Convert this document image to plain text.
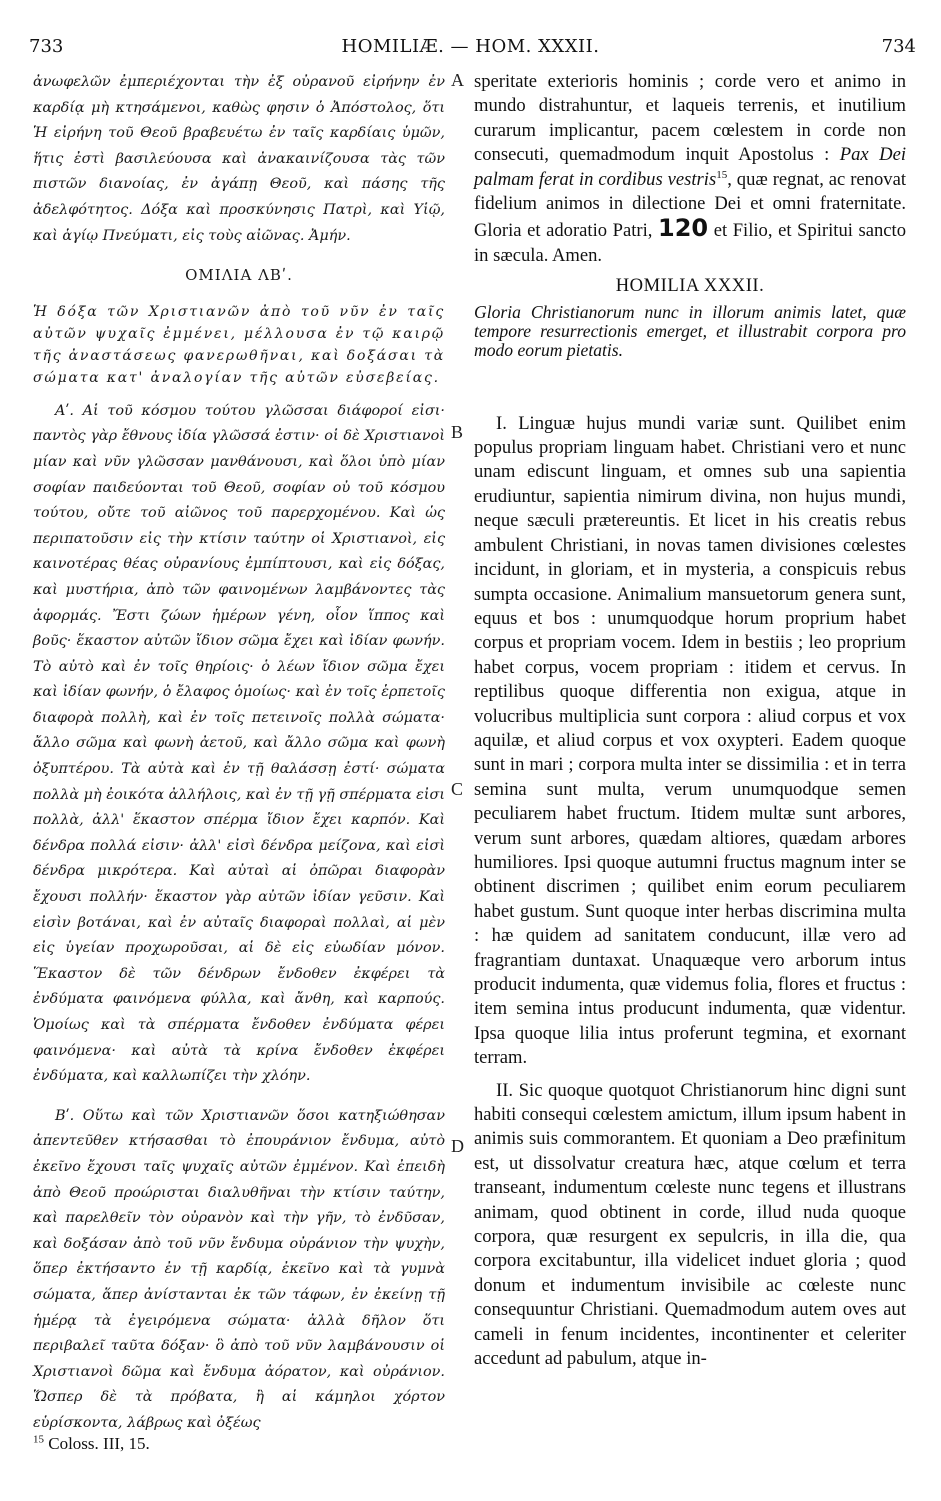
733	HOMILIÆ. — HOM. XXXII.	734

ἀνωφελῶν ἐμπεριέχονται τὴν ἐξ οὐρανοῦ εἰρήνην ἐν καρδίᾳ μὴ κτησάμενοι, καθὼς φησιν ὁ Ἀπόστολος, ὅτι Ἡ εἰρήνη τοῦ Θεοῦ βραβευέτω ἐν ταῖς καρδίαις ὑμῶν, ἥτις ἐστὶ βασιλεύουσα καὶ ἀνακαινίζουσα τὰς τῶν πιστῶν διανοίας, ἐν ἀγάπῃ Θεοῦ, καὶ πάσης τῆς ἀδελφότητος. Δόξα καὶ προσκύνησις Πατρὶ, καὶ Υἱῷ, καὶ ἁγίῳ Πνεύματι, εἰς τοὺς αἰῶνας. Ἀμήν.

ΟΜΙΛΙΑ ΛΒʹ.

Ἡ δόξα τῶν Χριστιανῶν ἀπὸ τοῦ νῦν ἐν ταῖς αὐτῶν ψυχαῖς ἐμμένει, μέλλουσα ἐν τῷ καιρῷ τῆς ἀναστάσεως φανερωθῆναι, καὶ δοξάσαι τὰ σώματα κατ' ἀναλογίαν τῆς αὐτῶν εὐσεβείας.

Αʹ. Αἱ τοῦ κόσμου τούτου γλῶσσαι διάφοροί εἰσι· παντὸς γὰρ ἔθνους ἰδία γλῶσσά ἐστιν· οἱ δὲ Χριστιανοὶ μίαν καὶ νῦν γλῶσσαν μανθάνουσι, καὶ ὅλοι ὑπὸ μίαν σοφίαν παιδεύονται τοῦ Θεοῦ, σοφίαν οὐ τοῦ κόσμου τούτου, οὔτε τοῦ αἰῶνος τοῦ παρερχομένου. Καὶ ὡς περιπατοῦσιν εἰς τὴν κτίσιν ταύτην οἱ Χριστιανοὶ, εἰς καινοτέρας θέας οὐρανίους ἐμπίπτουσι, καὶ εἰς δόξας, καὶ μυστήρια, ἀπὸ τῶν φαινομένων λαμβάνοντες τὰς ἀφορμάς. Ἔστι ζώων ἡμέρων γένη, οἷον ἵππος καὶ βοῦς· ἕκαστον αὐτῶν ἴδιον σῶμα ἔχει καὶ ἰδίαν φωνήν. Τὸ αὐτὸ καὶ ἐν τοῖς θηρίοις· ὁ λέων ἴδιον σῶμα ἔχει καὶ ἰδίαν φωνήν, ὁ ἔλαφος ὁμοίως· καὶ ἐν τοῖς ἑρπετοῖς διαφορὰ πολλὴ, καὶ ἐν τοῖς πετεινοῖς πολλὰ σώματα· ἄλλο σῶμα καὶ φωνὴ ἀετοῦ, καὶ ἄλλο σῶμα καὶ φωνὴ ὀξυπτέρου. Τὰ αὐτὰ καὶ ἐν τῇ θαλάσσῃ ἐστί· σώματα πολλὰ μὴ ἐοικότα ἀλλήλοις, καὶ ἐν τῇ γῇ σπέρματα εἰσι πολλὰ, ἀλλ' ἕκαστον σπέρμα ἴδιον ἔχει καρπόν. Καὶ δένδρα πολλά εἰσιν· ἀλλ' εἰσὶ δένδρα μείζονα, καὶ εἰσὶ δένδρα μικρότερα. Καὶ αὐταὶ αἱ ὀπῶραι διαφορὰν ἔχουσι πολλήν· ἕκαστον γὰρ αὐτῶν ἰδίαν γεῦσιν. Καὶ εἰσὶν βοτάναι, καὶ ἐν αὐταῖς διαφοραὶ πολλαὶ, αἱ μὲν εἰς ὑγείαν προχωροῦσαι, αἱ δὲ εἰς εὐωδίαν μόνον. Ἕκαστον δὲ τῶν δένδρων ἔνδοθεν ἐκφέρει τὰ ἐνδύματα φαινόμενα φύλλα, καὶ ἄνθη, καὶ καρπούς. Ὁμοίως καὶ τὰ σπέρματα ἔνδοθεν ἐνδύματα φέρει φαινόμενα· καὶ αὐτὰ τὰ κρίνα ἔνδοθεν ἐκφέρει ἐνδύματα, καὶ καλλωπίζει τὴν χλόην.

Βʹ. Οὕτω καὶ τῶν Χριστιανῶν ὅσοι κατηξιώθησαν ἀπεντεῦθεν κτήσασθαι τὸ ἐπουράνιον ἔνδυμα, αὐτὸ ἐκεῖνο ἔχουσι ταῖς ψυχαῖς αὐτῶν ἐμμένον. Καὶ ἐπειδὴ ἀπὸ Θεοῦ προώρισται διαλυθῆναι τὴν κτίσιν ταύτην, καὶ παρελθεῖν τὸν οὐρανὸν καὶ τὴν γῆν, τὸ ἐνδῦσαν, καὶ δοξάσαν ἀπὸ τοῦ νῦν ἔνδυμα οὐράνιον τὴν ψυχὴν, ὅπερ ἐκτήσαντο ἐν τῇ καρδίᾳ, ἐκεῖνο καὶ τὰ γυμνὰ σώματα, ἅπερ ἀνίστανται ἐκ τῶν τάφων, ἐν ἐκείνῃ τῇ ἡμέρᾳ τὰ ἐγειρόμενα σώματα· ἀλλὰ δῆλον ὅτι περιβαλεῖ ταῦτα δόξαν· ὃ ἀπὸ τοῦ νῦν λαμβάνουσιν οἱ Χριστιανοὶ δῶμα καὶ ἔνδυμα ἀόρατον, καὶ οὐράνιον. Ὥσπερ δὲ τὰ πρόβατα, ἢ αἱ κάμηλοι χόρτον εὑρίσκοντα, λάβρως καὶ ὀξέως

speritate exterioris hominis ; corde vero et animo in mundo distrahuntur, et laqueis terrenis, et inutilium curarum implicantur, pacem cœlestem in corde non consecuti, quemadmodum inquit Apostolus : Pax Dei palmam ferat in cordibus vestris$^{15}$, quæ regnat, ac renovat fidelium animos in dilectione Dei et omni fraternitate. Gloria et adoratio Patri, 120 et Filio, et Spiritui sancto in sæcula. Amen.

HOMILIA XXXII.

Gloria Christianorum nunc in illorum animis latet, quæ tempore resurrectionis emerget, et illustrabit corpora pro modo eorum pietatis.

I. Linguæ hujus mundi variæ sunt. Quilibet enim populus propriam linguam habet. Christiani vero et nunc unam ediscunt linguam, et omnes sub una sapientia erudiuntur, sapientia nimirum divina, non hujus mundi, neque sæculi prætereuntis. Et licet in his creatis rebus ambulent Christiani, in novas tamen divisiones cœlestes incidunt, in gloriam, et in mysteria, a conspicuis rebus sumpta occasione. Animalium mansuetorum genera sunt, equus et bos : unumquodque horum proprium habet corpus et propriam vocem. Idem in bestiis ; leo proprium habet corpus, vocem propriam : itidem et cervus. In reptilibus quoque differentia non exigua, atque in volucribus multiplicia sunt corpora : aliud corpus et vox aquilæ, et aliud corpus et vox oxypteri. Eadem quoque sunt in mari ; corpora multa inter se dissimilia : et in terra semina sunt multa, verum unumquodque semen peculiarem habet fructum. Itidem multæ sunt arbores, verum sunt arbores, quædam altiores, quædam arbores humiliores. Ipsi quoque autumni fructus magnum inter se obtinent discrimen ; quilibet enim eorum peculiarem habet gustum. Sunt quoque inter herbas discrimina multa : hæ quidem ad sanitatem conducunt, illæ vero ad fragrantiam duntaxat. Unaquæque vero arborum intus producit indumenta, quæ videmus folia, flores et fructus : item semina intus producunt indumenta, quæ videntur. Ipsa quoque lilia intus proferunt tegmina, et exornant terram.

II. Sic quoque quotquot Christianorum hinc digni sunt habiti consequi cœlestem amictum, illum ipsum habent in animis suis commorantem. Et quoniam a Deo præfinitum est, ut dissolvatur creatura hæc, atque cœlum et terra transeant, indumentum cœleste nunc tegens et illustrans animam, quod obtinent in corde, illud nuda quoque corpora, quæ resurgent ex sepulcris, in illa die, qua corpora excitabuntur, illa videlicet induet gloria ; quod donum et indumentum invisibile ac cœleste nunc consequuntur Christiani. Quemadmodum autem oves aut cameli in fenum incidentes, incontinenter et celeriter accedunt ad pabulum, atque in-

A
B
C
D
$^{15}$ Coloss. III, 15.
